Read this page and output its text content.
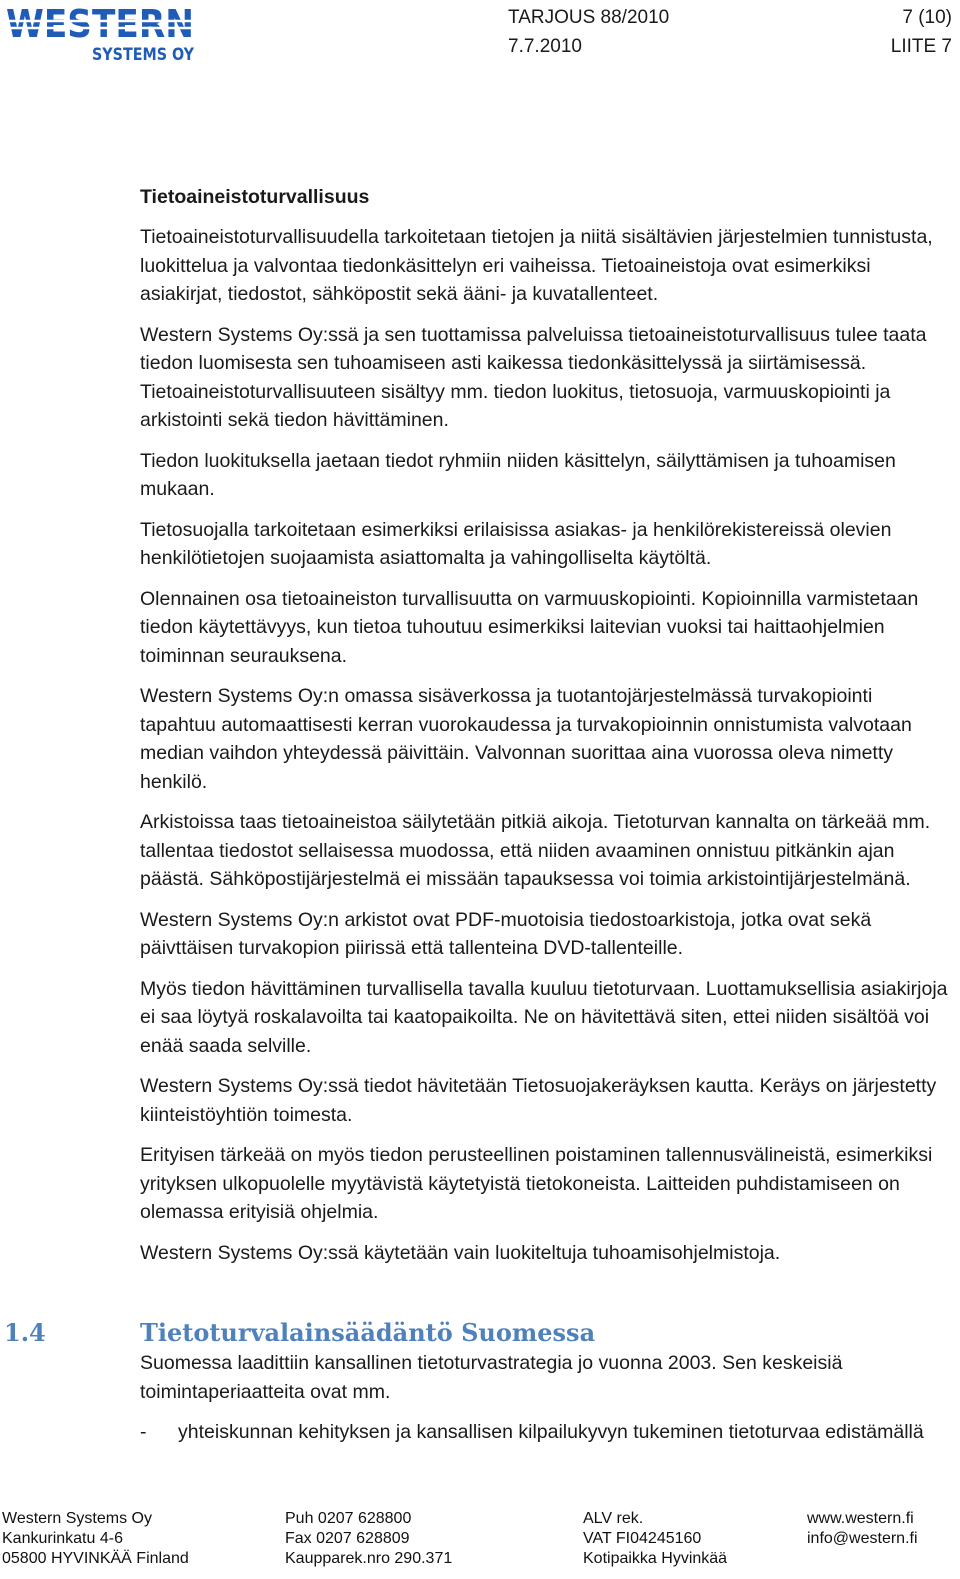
WESTERN
SYSTEMS OY
TARJOUS 88/2010
7.7.2010
7 (10)
LIITE 7
Tietoaineistoturvallisuus

Tietoaineistoturvallisuudella tarkoitetaan tietojen ja niitä sisältävien järjestelmien tunnistusta, luokittelua ja valvontaa tiedonkäsittelyn eri vaiheissa. Tietoaineistoja ovat esimerkiksi asiakirjat, tiedostot, sähköpostit sekä ääni- ja kuvatallenteet.

Western Systems Oy:ssä ja sen tuottamissa palveluissa tietoaineistoturvallisuus tulee taata tiedon luomisesta sen tuhoamiseen asti kaikessa tiedonkäsittelyssä ja siirtämisessä. Tietoaineistoturvallisuuteen sisältyy mm. tiedon luokitus, tietosuoja, varmuuskopiointi ja arkistointi sekä tiedon hävittäminen.

Tiedon luokituksella jaetaan tiedot ryhmiin niiden käsittelyn, säilyttämisen ja tuhoamisen mukaan.

Tietosuojalla tarkoitetaan esimerkiksi erilaisissa asiakas- ja henkilörekistereissä olevien henkilötietojen suojaamista asiattomalta ja vahingolliselta käytöltä.

Olennainen osa tietoaineiston turvallisuutta on varmuuskopiointi. Kopioinnilla varmistetaan tiedon käytettävyys, kun tietoa tuhoutuu esimerkiksi laitevian vuoksi tai haittaohjelmien toiminnan seurauksena.

Western Systems Oy:n omassa sisäverkossa ja tuotantojärjestelmässä turvakopiointi tapahtuu automaattisesti kerran vuorokaudessa ja turvakopioinnin onnistumista valvotaan median vaihdon yhteydessä päivittäin. Valvonnan suorittaa aina vuorossa oleva nimetty henkilö.

Arkistoissa taas tietoaineistoa säilytetään pitkiä aikoja. Tietoturvan kannalta on tärkeää mm. tallentaa tiedostot sellaisessa muodossa, että niiden avaaminen onnistuu pitkänkin ajan päästä. Sähköpostijärjestelmä ei missään tapauksessa voi toimia arkistointijärjestelmänä.

Western Systems Oy:n arkistot ovat PDF-muotoisia tiedostoarkistoja, jotka ovat sekä päivttäisen turvakopion piirissä että tallenteina DVD-tallenteille.

Myös tiedon hävittäminen turvallisella tavalla kuuluu tietoturvaan. Luottamuksellisia asiakirjoja ei saa löytyä roskalavoilta tai kaatopaikoilta. Ne on hävitettävä siten, ettei niiden sisältöä voi enää saada selville.

Western Systems Oy:ssä tiedot hävitetään Tietosuojakeräyksen kautta. Keräys on järjestetty kiinteistöyhtiön toimesta.

Erityisen tärkeää on myös tiedon perusteellinen poistaminen tallennusvälineistä, esimerkiksi yrityksen ulkopuolelle myytävistä käytetyistä tietokoneista. Laitteiden puhdistamiseen on olemassa erityisiä ohjelmia.

Western Systems Oy:ssä käytetään vain luokiteltuja tuhoamisohjelmistoja.

1.4	Tietoturvalainsäädäntö Suomessa

Suomessa laadittiin kansallinen tietoturvastrategia jo vuonna 2003. Sen keskeisiä toimintaperiaatteita ovat mm.

- yhteiskunnan kehityksen ja kansallisen kilpailukyvyn tukeminen tietoturvaa edistämällä

Western Systems Oy
Kankurinkatu 4-6
05800 HYVINKÄÄ Finland
Puh 0207 628800
Fax 0207 628809
Kaupparek.nro 290.371
ALV rek.
VAT FI04245160
Kotipaikka Hyvinkää
www.western.fi
info@western.fi
